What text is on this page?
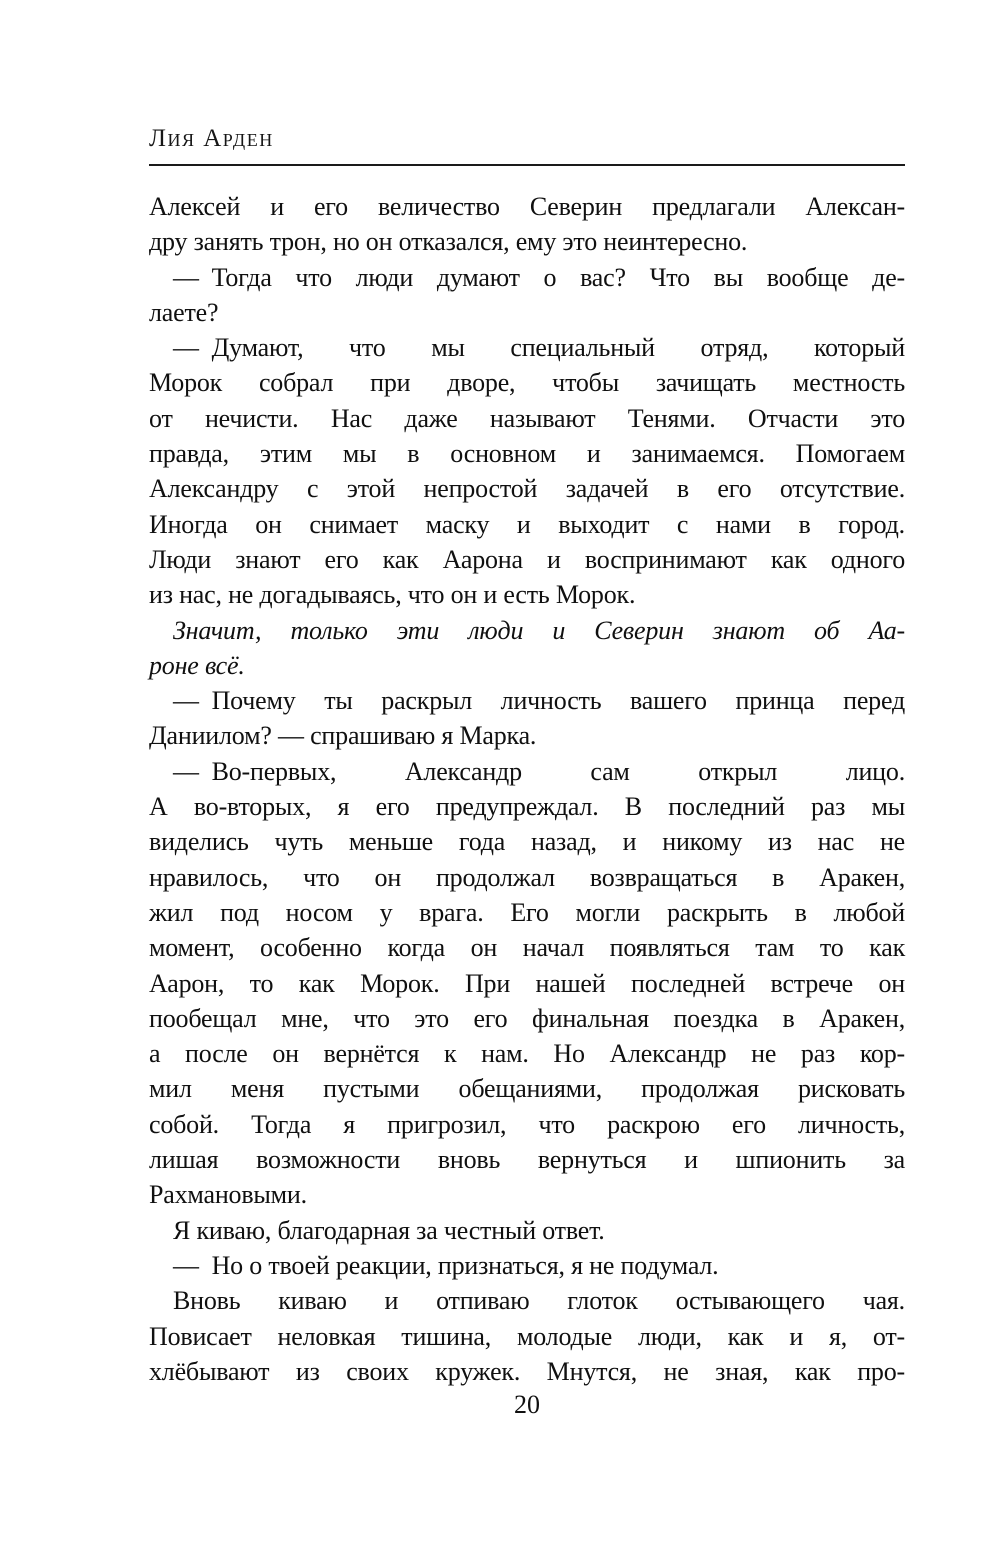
Лия Арден
Алексей и его величество Северин предлагали Алексан-
дру занять трон, но он отказался, ему это неинтересно.
— Тогда что люди думают о вас? Что вы вообще де-
лаете?
— Думают, что мы специальный отряд, который
Морок собрал при дворе, чтобы зачищать местность
от нечисти. Нас даже называют Тенями. Отчасти это
правда, этим мы в основном и занимаемся. Помогаем
Александру с этой непростой задачей в его отсутствие.
Иногда он снимает маску и выходит с нами в город.
Люди знают его как Аарона и воспринимают как одного
из нас, не догадываясь, что он и есть Морок.
Значит, только эти люди и Северин знают об Аа-
роне всё.
— Почему ты раскрыл личность вашего принца перед
Даниилом? — спрашиваю я Марка.
— Во-первых, Александр сам открыл лицо.
А во-вторых, я его предупреждал. В последний раз мы
виделись чуть меньше года назад, и никому из нас не
нравилось, что он продолжал возвращаться в Аракен,
жил под носом у врага. Его могли раскрыть в любой
момент, особенно когда он начал появляться там то как
Аарон, то как Морок. При нашей последней встрече он
пообещал мне, что это его финальная поездка в Аракен,
а после он вернётся к нам. Но Александр не раз кор-
мил меня пустыми обещаниями, продолжая рисковать
собой. Тогда я пригрозил, что раскрою его личность,
лишая возможности вновь вернуться и шпионить за
Рахмановыми.
Я киваю, благодарная за честный ответ.
— Но о твоей реакции, признаться, я не подумал.
Вновь киваю и отпиваю глоток остывающего чая.
Повисает неловкая тишина, молодые люди, как и я, от-
хлёбывают из своих кружек. Мнутся, не зная, как про-
20
